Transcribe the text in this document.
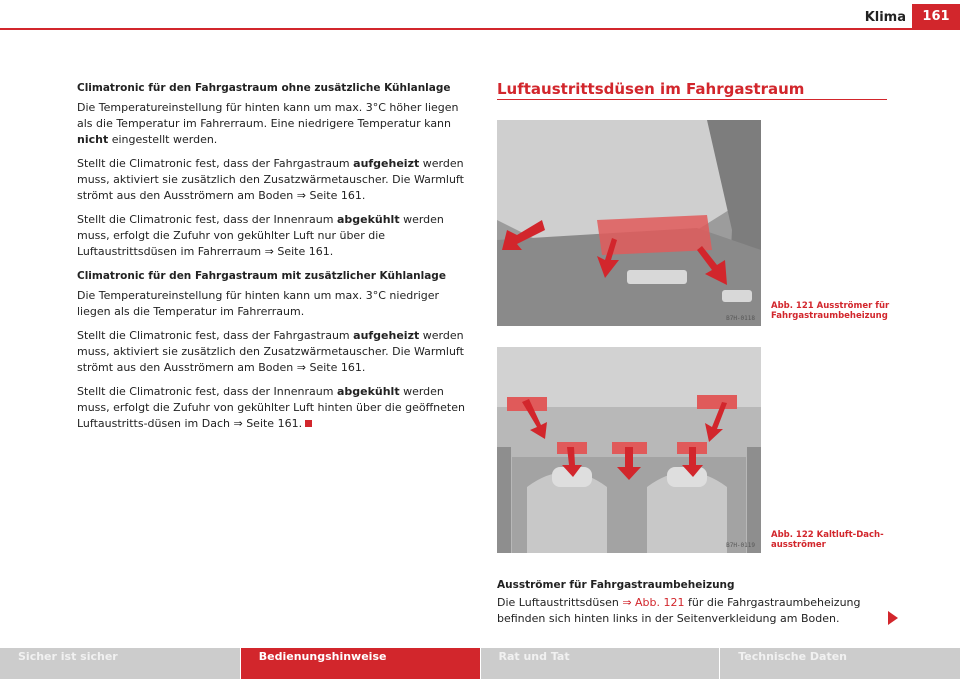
Klima	161
Climatronic für den Fahrgastraum ohne zusätzliche Kühlanlage

Die Temperatureinstellung für hinten kann um max. 3°C höher liegen als die Temperatur im Fahrerraum. Eine niedrigere Temperatur kann nicht eingestellt werden.

Stellt die Climatronic fest, dass der Fahrgastraum aufgeheizt werden muss, aktiviert sie zusätzlich den Zusatzwärmetauscher. Die Warmluft strömt aus den Ausströmern am Boden ⇒ Seite 161.

Stellt die Climatronic fest, dass der Innenraum abgekühlt werden muss, erfolgt die Zufuhr von gekühlter Luft nur über die Luftaustrittsdüsen im Fahrerraum ⇒ Seite 161.

Climatronic für den Fahrgastraum mit zusätzlicher Kühlanlage

Die Temperatureinstellung für hinten kann um max. 3°C niedriger liegen als die Temperatur im Fahrerraum.

Stellt die Climatronic fest, dass der Fahrgastraum aufgeheizt werden muss, aktiviert sie zusätzlich den Zusatzwärmetauscher. Die Warmluft strömt aus den Ausströmern am Boden ⇒ Seite 161.

Stellt die Climatronic fest, dass der Innenraum abgekühlt werden muss, erfolgt die Zufuhr von gekühlter Luft hinten über die geöffneten Luftaustritts-düsen im Dach ⇒ Seite 161.

Luftaustrittsdüsen im Fahrgastraum
B7H-0118
Abb. 121 Ausströmer für Fahrgastraumbeheizung
B7H-0119
Abb. 122 Kaltluft-Dach-ausströmer
Ausströmer für Fahrgastraumbeheizung

Die Luftaustrittsdüsen ⇒ Abb. 121 für die Fahrgastraumbeheizung befinden sich hinten links in der Seitenverkleidung am Boden.

Sicher ist sicher	Bedienungshinweise	Rat und Tat	Technische Daten
